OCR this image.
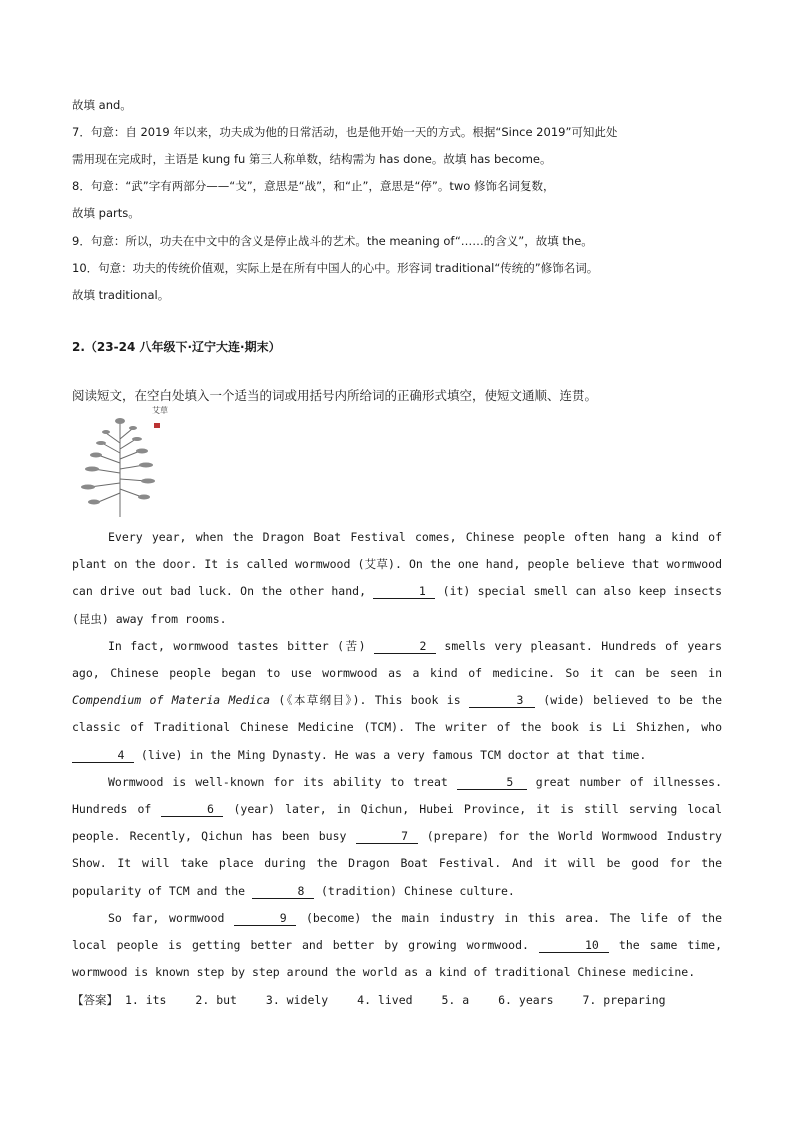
故填 and。
7．句意：自 2019 年以来，功夫成为他的日常活动，也是他开始一天的方式。根据“Since 2019”可知此处
需用现在完成时，主语是 kung fu 第三人称单数，结构需为 has done。故填 has become。
8．句意：“武”字有两部分——“戈”，意思是“战”，和“止”，意思是“停”。two 修饰名词复数，
故填 parts。
9．句意：所以，功夫在中文中的含义是停止战斗的艺术。the meaning of“……的含义”，故填 the。
10．句意：功夫的传统价值观，实际上是在所有中国人的心中。形容词 traditional“传统的”修饰名词。
故填 traditional。
2.（23-24 八年级下·辽宁大连·期末）
阅读短文，在空白处填入一个适当的词或用括号内所给词的正确形式填空，使短文通顺、连贯。
艾草

Every year, when the Dragon Boat Festival comes, Chinese people often hang a kind of plant on the door. It is called wormwood (艾草). On the one hand, people believe that wormwood can drive out bad luck. On the other hand,	1 (it) special smell can also keep insects (昆虫) away from rooms.

In fact, wormwood tastes bitter (苦)	2 smells very pleasant. Hundreds of years ago, Chinese people began to use wormwood as a kind of medicine. So it can be seen in Compendium of Materia Medica (《本草纲目》). This book is	3 (wide) believed to be the classic of Traditional Chinese Medicine (TCM). The writer of the book is Li Shizhen, who 4 (live) in the Ming Dynasty. He was a very famous TCM doctor at that time.

Wormwood is well-known for its ability to treat	5 great number of illnesses. Hundreds of	6 (year) later, in Qichun, Hubei Province, it is still serving local people. Recently, Qichun has been busy	7 (prepare) for the World Wormwood Industry Show. It will take place during the Dragon Boat Festival. And it will be good for the popularity of TCM and the	8 (tradition) Chinese culture.

So far, wormwood	9 (become) the main industry in this area. The life of the local people is getting better and better by growing wormwood.	10 the same time, wormwood is known step by step around the world as a kind of traditional Chinese medicine.

【答案】 1. its	2. but	3. widely	4. lived	5. a	6. years	7. preparing
